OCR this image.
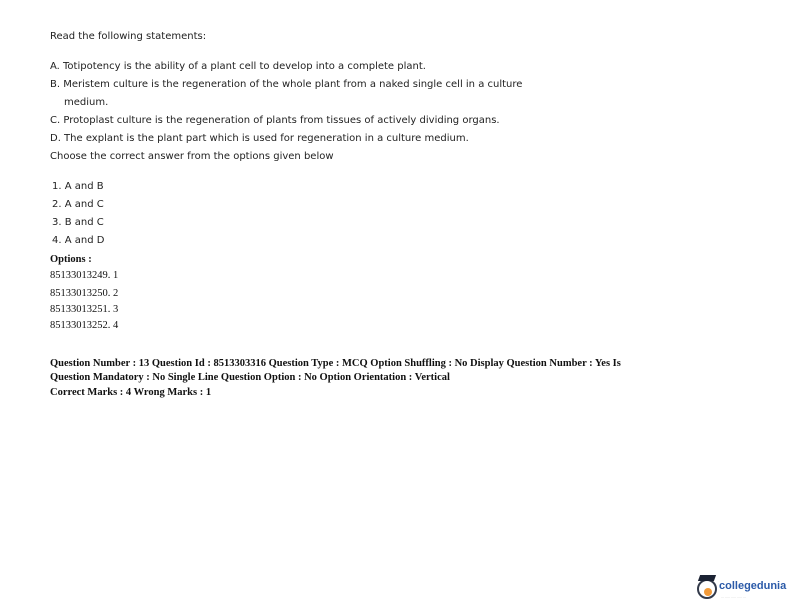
Read the following statements:
A. Totipotency is the ability of a plant cell to develop into a complete plant.
B. Meristem culture is the regeneration of the whole plant from a naked single cell in a culture
medium.
C. Protoplast culture is the regeneration of plants from tissues of actively dividing organs.
D. The explant is the plant part which is used for regeneration in a culture medium.
Choose the correct answer from the options given below
1. A and B
2. A and C
3. B and C
4. A and D
Options :
85133013249. 1
85133013250. 2
85133013251. 3
85133013252. 4
Question Number : 13 Question Id : 8513303316 Question Type : MCQ Option Shuffling : No Display Question Number : Yes Is
Question Mandatory : No Single Line Question Option : No Option Orientation : Vertical
Correct Marks : 4 Wrong Marks : 1
collegedunia
·····················
